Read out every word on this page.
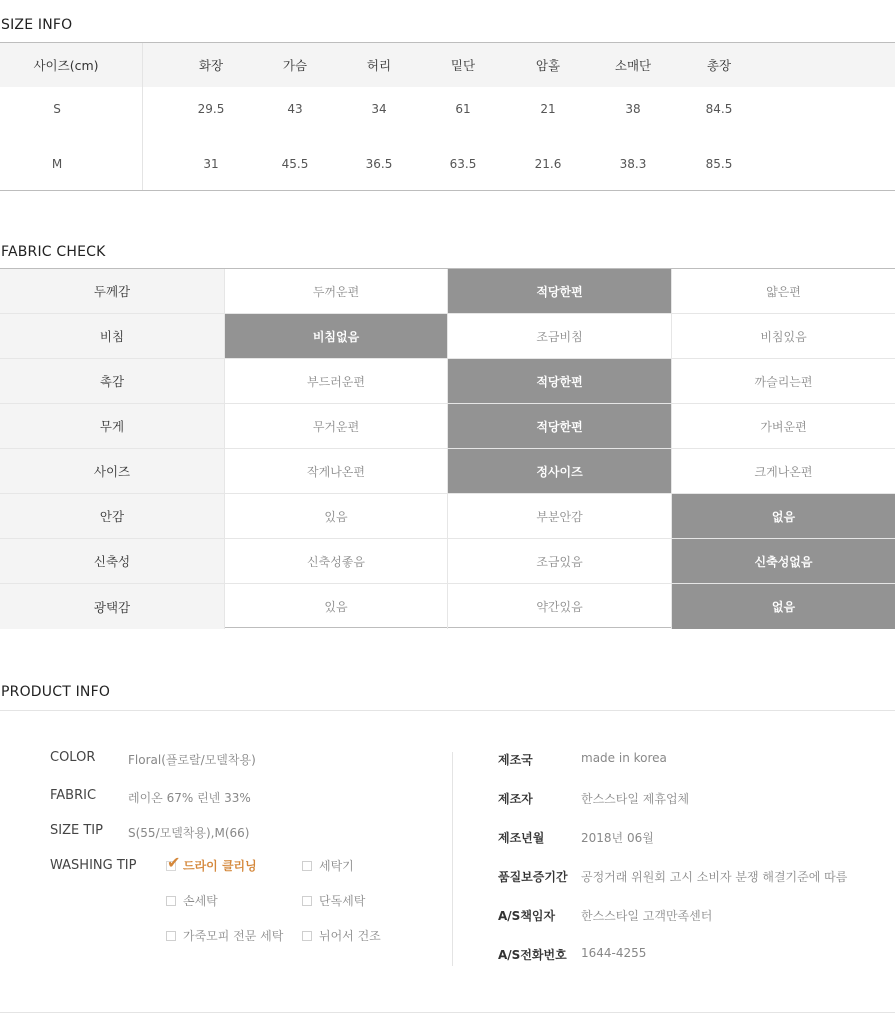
SIZE INFO
사이즈(cm)	화장	가슴	허리	밑단	암홀	소매단	총장
S	29.5	43	34	61	21	38	84.5
M	31	45.5	36.5	63.5	21.6	38.3	85.5
FABRIC CHECK
두께감	두꺼운편	적당한편	얇은편
비침	비침없음	조금비침	비침있음
촉감	부드러운편	적당한편	까슬리는편
무게	무거운편	적당한편	가벼운편
사이즈	작게나온편	정사이즈	크게나온편
안감	있음	부분안감	없음
신축성	신축성좋음	조금있음	신축성없음
광택감	있음	약간있음	없음
PRODUCT INFO
COLOR	Floral(플로랄/모델착용)
FABRIC	레이온 67% 린넨 33%
SIZE TIP S(55/모델착용),M(66)
WASHING TIP ✔ 드라이 클리닝	세탁기
손세탁	단독세탁
가죽모피 전문 세탁	뉘어서 건조
제조국	made in korea
제조자	한스스타일 제휴업체
제조년월	2018년 06월
품질보증기간 공정거래 위원회 고시 소비자 분쟁 해결기준에 따름
A/S책임자 한스스타일 고객만족센터
A/S전화번호 1644-4255
